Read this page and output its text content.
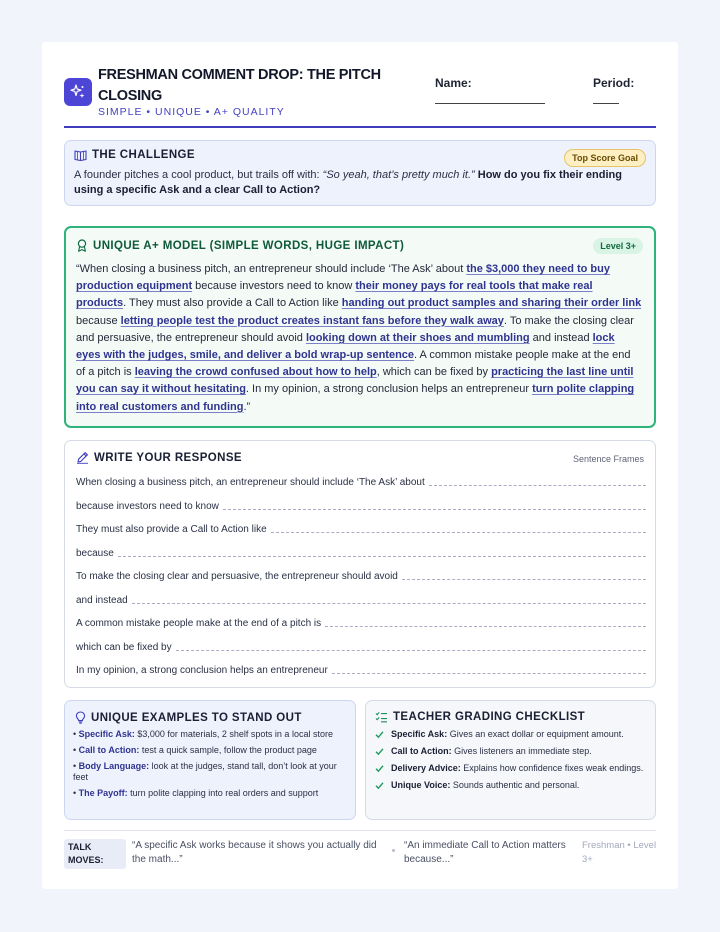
FRESHMAN COMMENT DROP: THE PITCH CLOSING
SIMPLE • UNIQUE • A+ QUALITY
Name:	Period:
THE CHALLENGE	Top Score Goal
A founder pitches a cool product, but trails off with: “So yeah, that’s pretty much it.” How do you fix their ending using a specific Ask and a clear Call to Action?
UNIQUE A+ MODEL (SIMPLE WORDS, HUGE IMPACT)	Level 3+
“When closing a business pitch, an entrepreneur should include ‘The Ask’ about the $3,000 they need to buy production equipment because investors need to know their money pays for real tools that make real products. They must also provide a Call to Action like handing out product samples and sharing their order link because letting people test the product creates instant fans before they walk away. To make the closing clear and persuasive, the entrepreneur should avoid looking down at their shoes and mumbling and instead lock eyes with the judges, smile, and deliver a bold wrap-up sentence. A common mistake people make at the end of a pitch is leaving the crowd confused about how to help, which can be fixed by practicing the last line until you can say it without hesitating. In my opinion, a strong conclusion helps an entrepreneur turn polite clapping into real customers and funding.”
WRITE YOUR RESPONSE	Sentence Frames
When closing a business pitch, an entrepreneur should include ‘The Ask’ about
because investors need to know
They must also provide a Call to Action like
because
To make the closing clear and persuasive, the entrepreneur should avoid
and instead
A common mistake people make at the end of a pitch is
which can be fixed by
In my opinion, a strong conclusion helps an entrepreneur
UNIQUE EXAMPLES TO STAND OUT
• Specific Ask: $3,000 for materials, 2 shelf spots in a local store
• Call to Action: test a quick sample, follow the product page
• Body Language: look at the judges, stand tall, don’t look at your feet
• The Payoff: turn polite clapping into real orders and support
TEACHER GRADING CHECKLIST
Specific Ask: Gives an exact dollar or equipment amount.
Call to Action: Gives listeners an immediate step.
Delivery Advice: Explains how confidence fixes weak endings.
Unique Voice: Sounds authentic and personal.
TALK MOVES:
“A specific Ask works because it shows you actually did the math...”
“An immediate Call to Action matters because...”
Freshman • Level 3+
